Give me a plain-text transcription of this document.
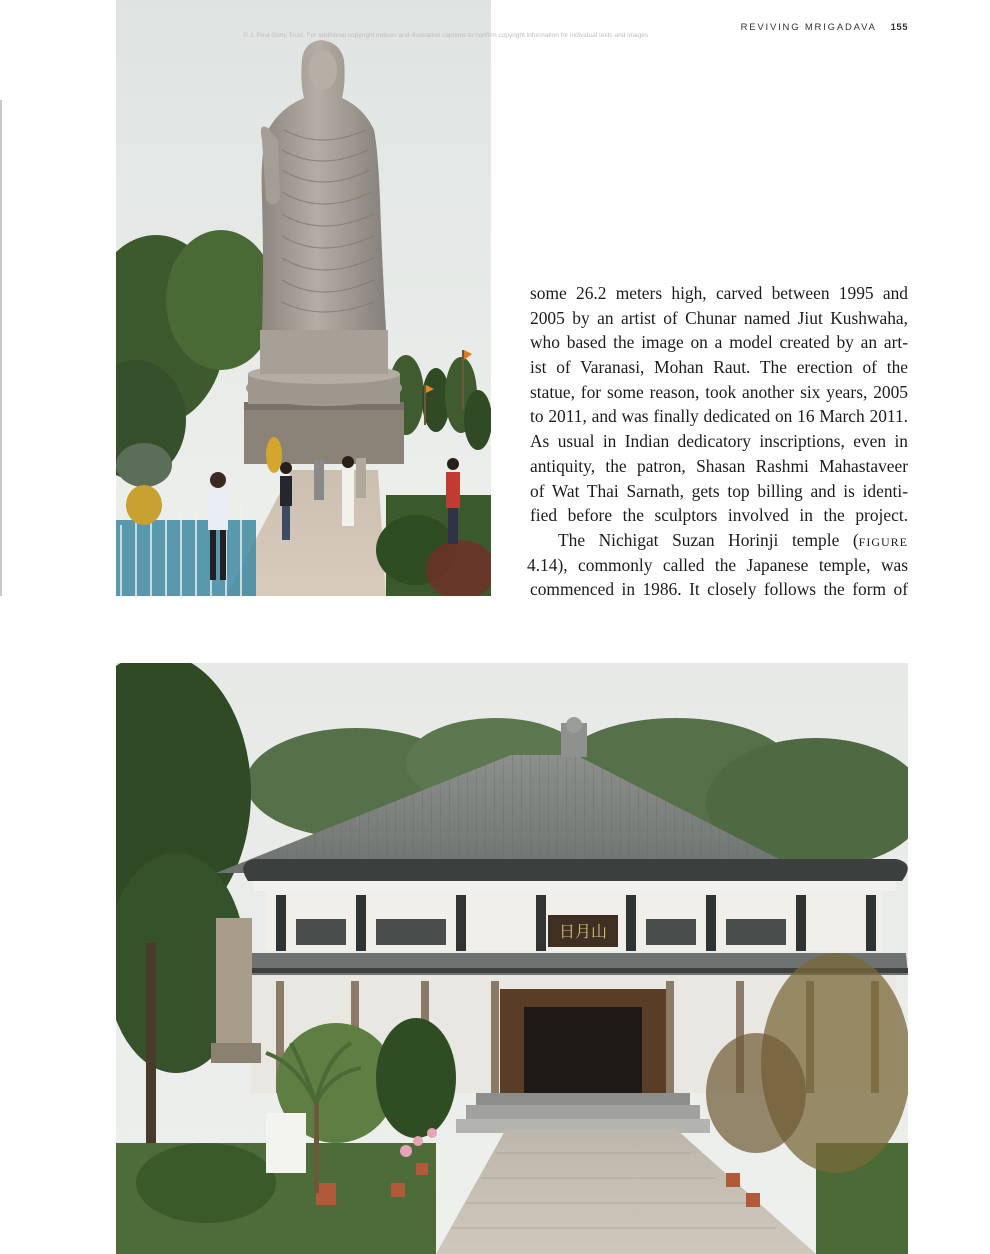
REVIVING MRIGADAVA 155
© J. Paul Getty Trust. For additional copyright notices and illustration captions to confirm copyright information for individual texts and images
some 26.2 meters high, carved between 1995 and
2005 by an artist of Chunar named Jiut Kushwaha,
who based the image on a model created by an art-
ist of Varanasi, Mohan Raut. The erection of the
statue, for some reason, took another six years, 2005
to 2011, and was finally dedicated on 16 March 2011.
As usual in Indian dedicatory inscriptions, even in
antiquity, the patron, Shasan Rashmi Mahastaveer
of Wat Thai Sarnath, gets top billing and is identi-
fied before the sculptors involved in the project.
The Nichigat Suzan Horinji temple (figure
4.14), commonly called the Japanese temple, was
commenced in 1986. It closely follows the form of
日月山
